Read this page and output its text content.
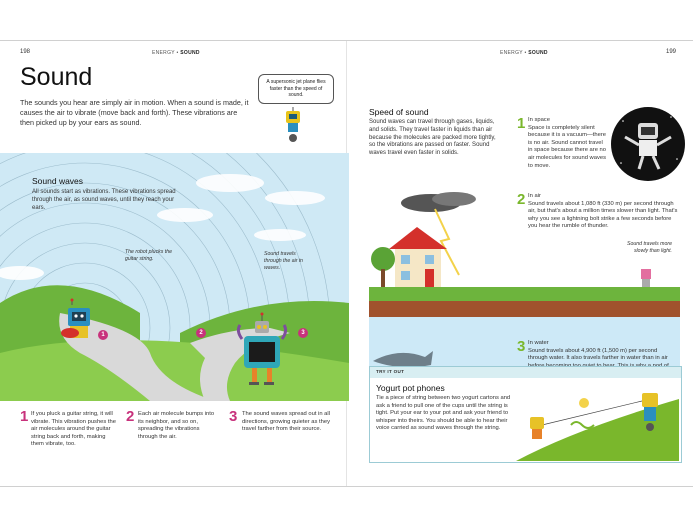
198	ENERGY • SOUND
Sound
The sounds you hear are simply air in motion. When a sound is made, it causes the air to vibrate (move back and forth). These vibrations are then picked up by your ears as sound.
A supersonic jet plane flies faster than the speed of sound.
Sound waves
All sounds start as vibrations. These vibrations spread through the air, as sound waves, until they reach your ears.
The robot plucks the guitar string.
Sound travels through the air in waves.
1	2	3
1 If you pluck a guitar string, it will vibrate. This vibration pushes the air molecules around the guitar string back and forth, making them vibrate, too.
2 Each air molecule bumps into its neighbor, and so on, spreading the vibrations through the air.
3 The sound waves spread out in all directions, growing quieter as they travel farther from their source.
ENERGY • SOUND	199
Speed of sound
Sound waves can travel through gases, liquids, and solids. They travel faster in liquids than air because the molecules are packed more tightly, so the vibrations are passed on faster. Sound waves travel even faster in solids.
1 In space
Space is completely silent because it is a vacuum—there is no air. Sound cannot travel in space because there are no air molecules for sound waves to move.
2 In air
Sound travels about 1,080 ft (330 m) per second through air, but that's about a million times slower than light. That's why you see a lightning bolt strike a few seconds before you hear the rumble of thunder.
Sound travels more slowly than light.
3 In water
Sound travels about 4,900 ft (1,500 m) per second through water. It also travels farther in water than in air
TRY IT OUT
Yogurt pot phones
Tie a piece of string between two yogurt cartons and ask a friend to pull one of the cups until the string is tight. Put your ear to your pot and ask your friend to whisper into theirs. You should be able to hear their voice carried as sound waves through the string.
